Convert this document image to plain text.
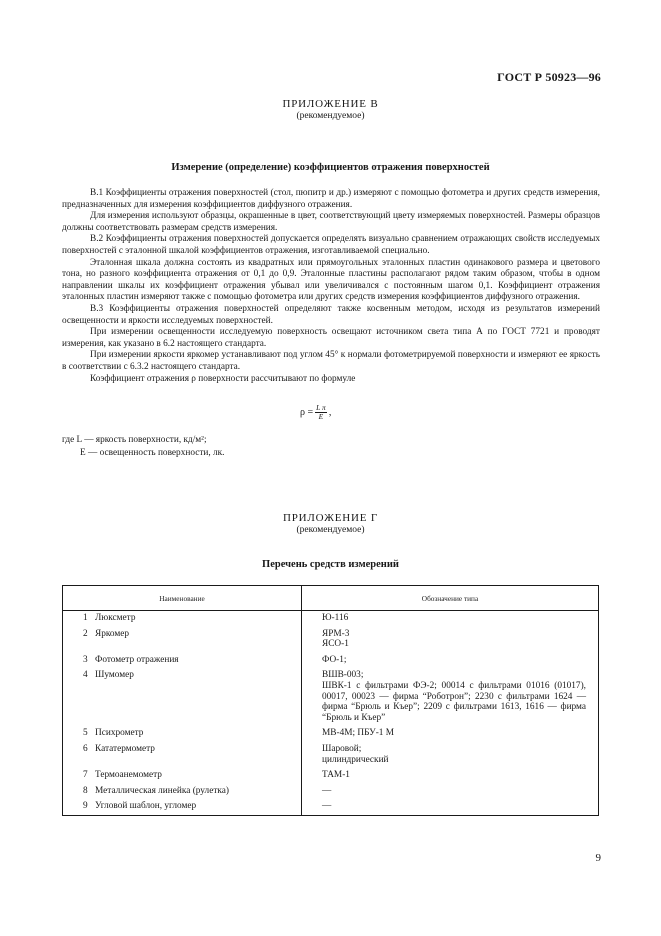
ГОСТ Р 50923—96
ПРИЛОЖЕНИЕ В
(рекомендуемое)
Измерение (определение) коэффициентов отражения поверхностей

В.1 Коэффициенты отражения поверхностей (стол, пюпитр и др.) измеряют с помощью фотометра и других средств измерения, предназначенных для измерения коэффициентов диффузного отражения.

Для измерения используют образцы, окрашенные в цвет, соответствующий цвету измеряемых поверхностей. Размеры образцов должны соответствовать размерам средств измерения.

В.2 Коэффициенты отражения поверхностей допускается определять визуально сравнением отражающих свойств исследуемых поверхностей с эталонной шкалой коэффициентов отражения, изготавливаемой специально.

Эталонная шкала должна состоять из квадратных или прямоугольных эталонных пластин одинакового размера и цветового тона, но разного коэффициента отражения от 0,1 до 0,9. Эталонные пластины располагают рядом таким образом, чтобы в одном направлении шкалы их коэффициент отражения убывал или увеличивался с постоянным шагом 0,1. Коэффициент отражения эталонных пластин измеряют также с помощью фотометра или других средств измерения коэффициентов диффузного отражения.

В.3 Коэффициенты отражения поверхностей определяют также косвенным методом, исходя из результатов измерений освещенности и яркости исследуемых поверхностей.

При измерении освещенности исследуемую поверхность освещают источником света типа А по ГОСТ 7721 и проводят измерения, как указано в 6.2 настоящего стандарта.

При измерении яркости яркомер устанавливают под углом 45° к нормали фотометрируемой поверхности и измеряют ее яркость в соответствии с 6.3.2 настоящего стандарта.

Коэффициент отражения ρ поверхности рассчитывают по формуле

$\rho = \frac{\text{L π}}{E}$ ,
где L — яркость поверхности, кд/м²;
E — освещенность поверхности, лк.
ПРИЛОЖЕНИЕ Г
(рекомендуемое)
Перечень средств измерений
Наименование	Обозначение типа
1 Люксметр	Ю-116
2 Яркомер	ЯРМ-3
ЯСО-1
3 Фотометр отражения	ФО-1;
4 Шумомер	ВШВ-003;
ШВК-1 с фильтрами ФЭ-2; 00014 с фильтрами 01016 (01017), 00017, 00023 — фирма “Роботрон”; 2230 с фильтрами 1624 — фирма “Брюль и Къер”; 2209 с фильтрами 1613, 1616 — фирма “Брюль и Къер”
5 Психрометр	МВ-4М; ПБУ-1 М
6 Кататермометр	Шаровой;
цилиндрический
7 Термоанемометр	ТАМ-1
8 Металлическая линейка (рулетка)	—
9 Угловой шаблон, угломер	—
9
